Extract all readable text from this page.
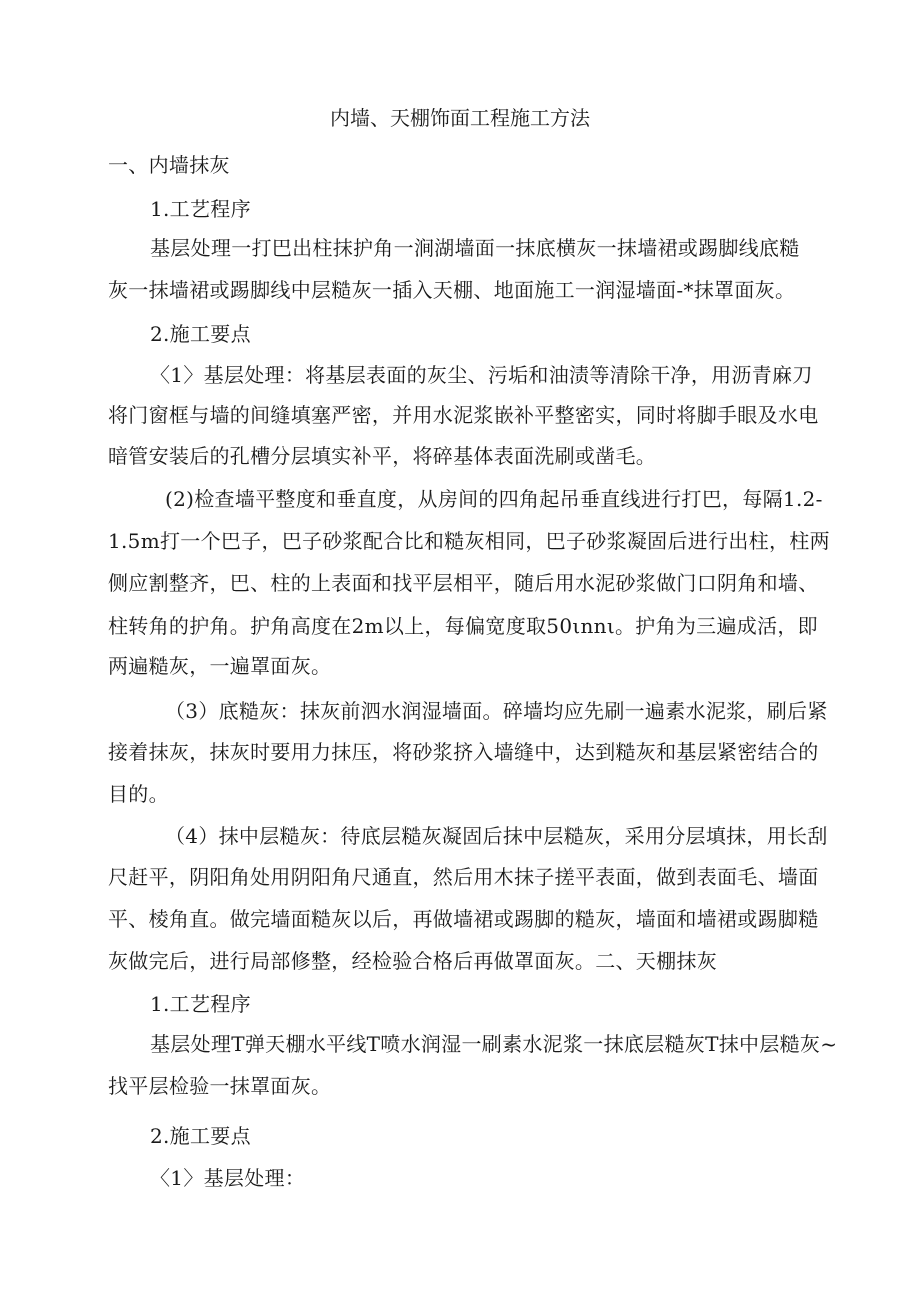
内墙、天棚饰面工程施工方法
一、内墙抹灰
1.工艺程序
基层处理一打巴出柱抹护角一涧湖墙面一抹底横灰一抹墙裙或踢脚线底糙
灰一抹墙裙或踢脚线中层糙灰一插入天棚、地面施工一润湿墙面-*抹罩面灰。
2.施工要点
〈1〉基层处理：将基层表面的灰尘、污垢和油渍等清除干净，用沥青麻刀
将门窗框与墙的间缝填塞严密，并用水泥浆嵌补平整密实，同时将脚手眼及水电
暗管安装后的孔槽分层填实补平，将碎基体表面洗刷或凿毛。
(2)检查墙平整度和垂直度，从房间的四角起吊垂直线进行打巴，每隔1.2-
1.5m打一个巴子，巴子砂浆配合比和糙灰相同，巴子砂浆凝固后进行出柱，柱两
侧应割整齐，巴、柱的上表面和找平层相平，随后用水泥砂浆做门口阴角和墙、
柱转角的护角。护角高度在2m以上，每偏宽度取50ιnnι。护角为三遍成活，即
两遍糙灰，一遍罩面灰。
（3）底糙灰：抹灰前泗水润湿墙面。碎墙均应先刷一遍素水泥浆，刷后紧
接着抹灰，抹灰时要用力抹压，将砂浆挤入墙缝中，达到糙灰和基层紧密结合的
目的。
（4）抹中层糙灰：待底层糙灰凝固后抹中层糙灰，采用分层填抹，用长刮
尺赶平，阴阳角处用阴阳角尺通直，然后用木抹子搓平表面，做到表面毛、墙面
平、棱角直。做完墙面糙灰以后，再做墙裙或踢脚的糙灰，墙面和墙裙或踢脚糙
灰做完后，进行局部修整，经检验合格后再做罩面灰。二、天棚抹灰
1.工艺程序
基层处理T弹天棚水平线T喷水润湿一刷素水泥浆一抹底层糙灰T抹中层糙灰~
找平层检验一抹罩面灰。
2.施工要点
〈1〉基层处理：
